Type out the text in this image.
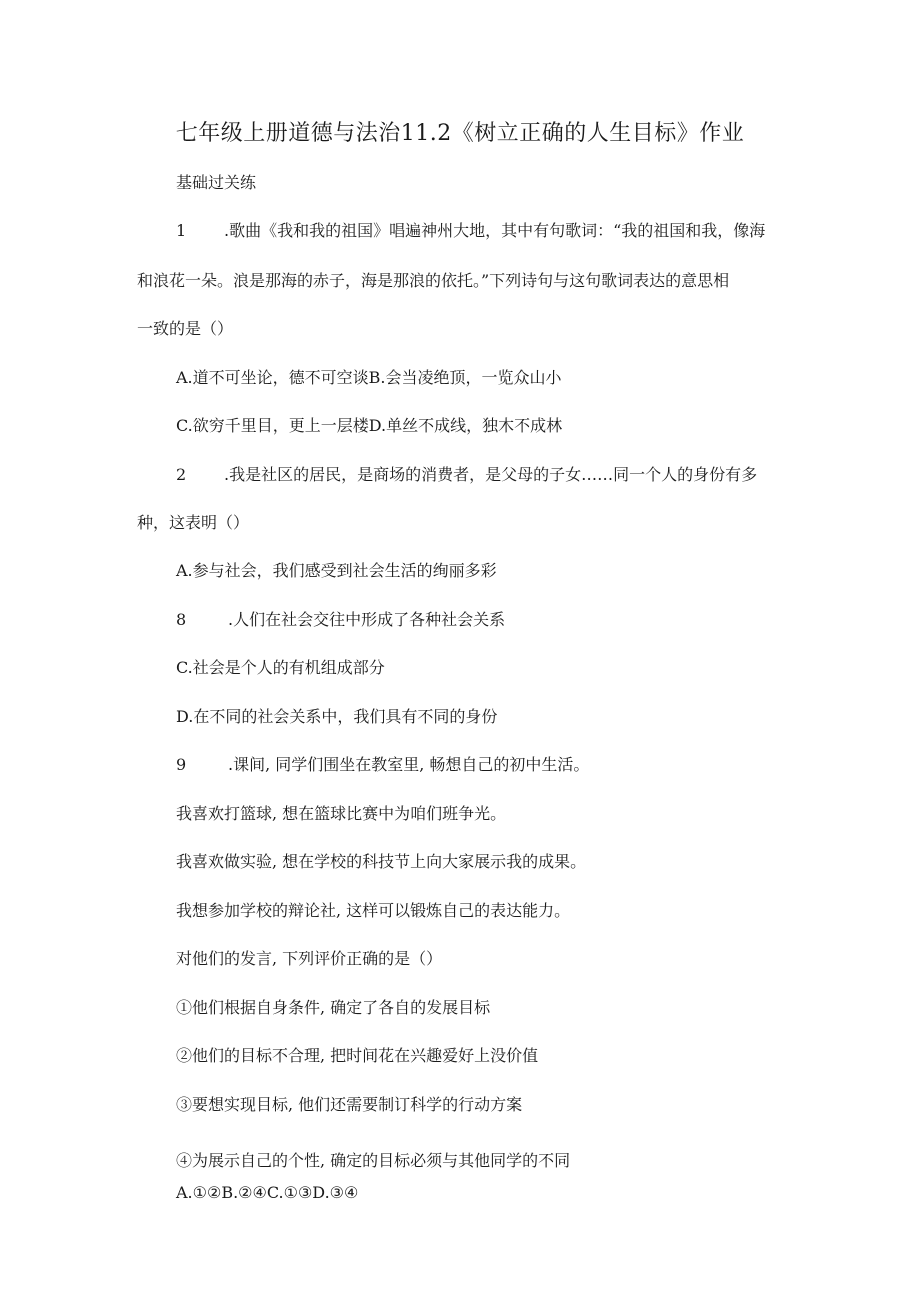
七年级上册道德与法治11.2《树立正确的人生目标》作业
基础过关练
1 .歌曲《我和我的祖国》唱遍神州大地，其中有句歌词：“我的祖国和我，像海
和浪花一朵。浪是那海的赤子，海是那浪的依托。”下列诗句与这句歌词表达的意思相
一致的是（）
A.道不可坐论，德不可空谈B.会当凌绝顶，一览众山小
C.欲穷千里目，更上一层楼D.单丝不成线，独木不成林
2 .我是社区的居民，是商场的消费者，是父母的子女……同一个人的身份有多
种，这表明（）
A.参与社会，我们感受到社会生活的绚丽多彩
8	.人们在社会交往中形成了各种社会关系
C.社会是个人的有机组成部分
D.在不同的社会关系中，我们具有不同的身份
9	.课间, 同学们围坐在教室里, 畅想自己的初中生活。
我喜欢打篮球, 想在篮球比赛中为咱们班争光。
我喜欢做实验, 想在学校的科技节上向大家展示我的成果。
我想参加学校的辩论社, 这样可以锻炼自己的表达能力。
对他们的发言, 下列评价正确的是（）
①他们根据自身条件, 确定了各自的发展目标
②他们的目标不合理, 把时间花在兴趣爱好上没价值
③要想实现目标, 他们还需要制订科学的行动方案
④为展示自己的个性, 确定的目标必须与其他同学的不同
A.①②B.②④C.①③D.③④
